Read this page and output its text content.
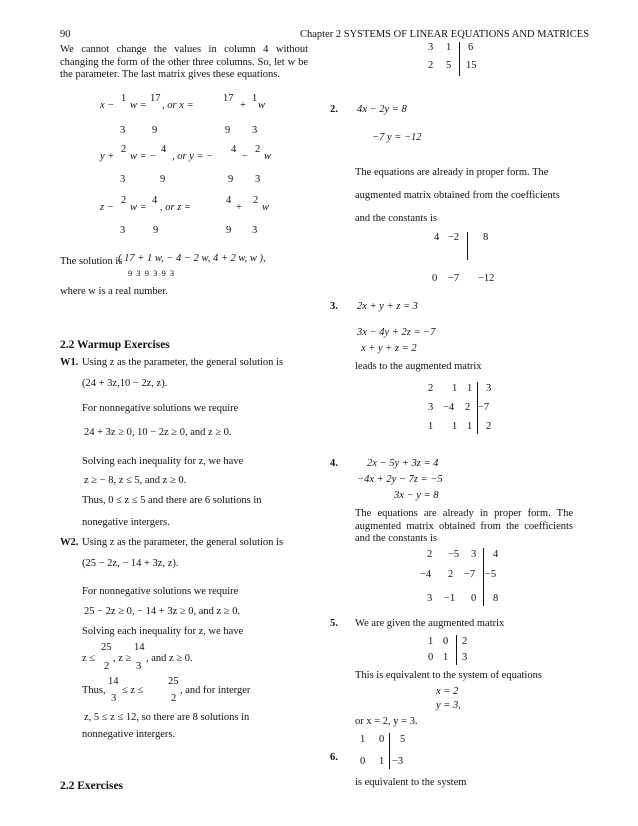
90	Chapter 2 SYSTEMS OF LINEAR EQUATIONS AND MATRICES
We cannot change the values in column 4 without changing the form of the other three columns. So, let w be the parameter. The last matrix gives these equations.
x −
1
w =
17
, or x =
17
+
1
w
3	9	9 3
y +
2
w = −
4
, or y = −
4
−
2
w
3	9	9 3
z −
2
w =
4
, or z =
4
+
2
w
3	9	9 3
The solution is
( 17 + 1 w, − 4 − 2 w, 4 + 2 w, w ),
9 3 9 3 9 3
where w is a real number.
2.2 Warmup Exercises
W1. Using z as the parameter, the general solution is
(24 + 3z,10 − 2z, z).
For nonnegative solutions we require
24 + 3z ≥ 0, 10 − 2z ≥ 0, and z ≥ 0.
Solving each inequality for z, we have
z ≥ − 8, z ≤ 5, and z ≥ 0.
Thus, 0 ≤ z ≤ 5 and there are 6 solutions in
nonegative intergers.
W2. Using z as the parameter, the general solution is
(25 − 2z, − 14 + 3z, z).
For nonnegative solutions we require
25 − 2z ≥ 0, − 14 + 3z ≥ 0, and z ≥ 0.
Solving each inequality for z, we have
z ≤
25
2
, z ≥
14
3
, and z ≥ 0.
Thus,
14
3
≤ z ≤
25
2
, and for interger
z, 5 ≤ z ≤ 12, so there are 8 solutions in
nonnegative intergers.
2.2 Exercises
3 1 6
2 5 15
2. 4x − 2y = 8
−7 y = −12
The equations are already in proper form. The
augmented matrix obtained from the coefficients
and the constants is
4 −2 8
0 −7 −12
3. 2x + y + z = 3
3x − 4y + 2z = −7
x + y + z = 2
leads to the augmented matrix
2 1 1 3
3 −4 2 −7
1 1 1 2
4.	2x − 5y + 3z = 4
−4x + 2y − 7z = −5
3x − y = 8
The equations are already in proper form. The augmented matrix obtained from the coefficients and the constants is
2 −5 3 4
−4 2 −7 −5
3 −1 0 8
5. We are given the augmented matrix
1 0 2
0 1 3
This is equivalent to the system of equations
x = 2
y = 3,
or x = 2, y = 3.
6.
1 0 5
0 1 −3
is equivalent to the system
